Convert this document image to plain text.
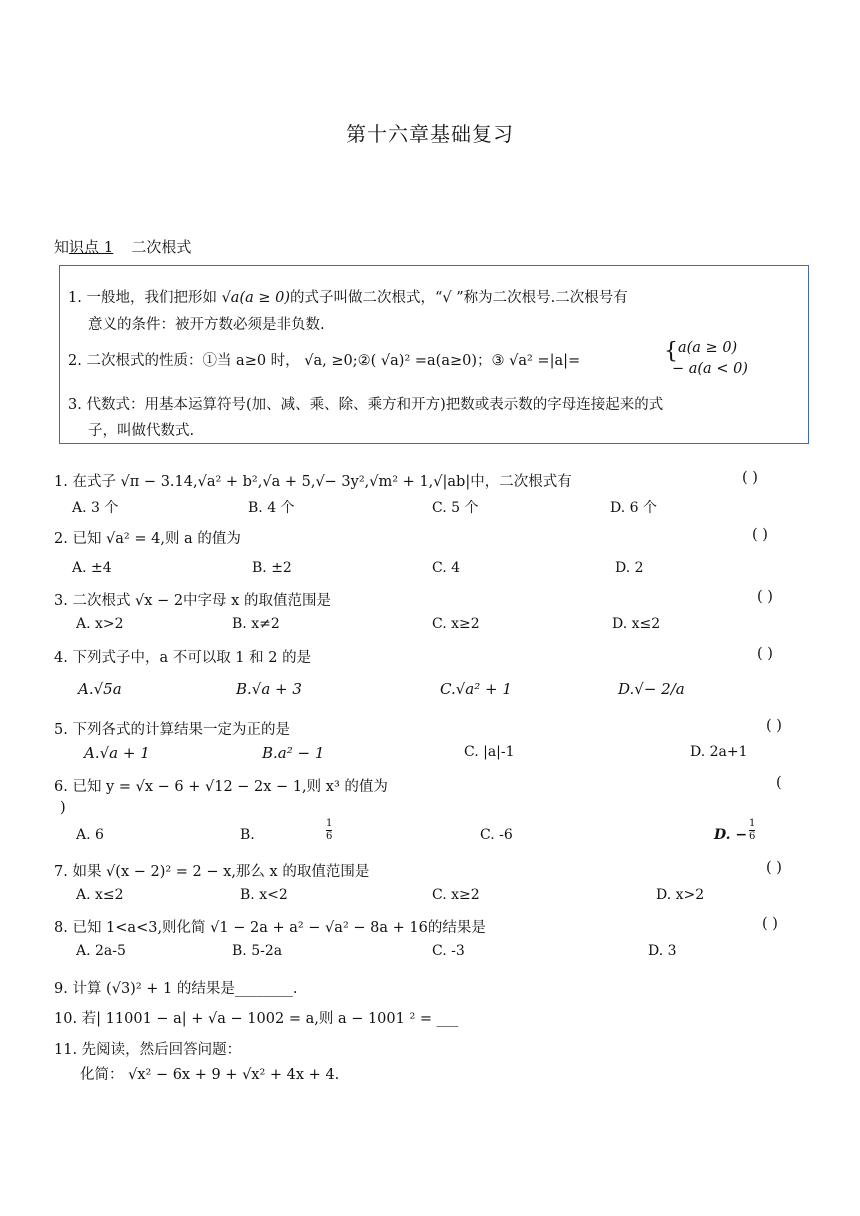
第十六章基础复习
知识点 1 二次根式
1. 一般地，我们把形如 √a(a ≥ 0)的式子叫做二次根式，“√ ”称为二次根号.二次根号有
意义的条件：被开方数必须是非负数.
2. 二次根式的性质：①当 a≥0 时， √a, ≥0;②( √a)² =a(a≥0)；③ √a² =|a|=	{ a(a ≥ 0)
− a(a < 0)
3. 代数式：用基本运算符号(加、减、乘、除、乘方和开方)把数或表示数的字母连接起来的式
子，叫做代数式.
1. 在式子 √π − 3.14,√a² + b²,√a + 5,√− 3y²,√m² + 1,√|ab|中，二次根式有	( )
A. 3 个	B. 4 个	C. 5 个	D. 6 个
2. 已知 √a² = 4,则 a 的值为	( )
A. ±4	B. ±2	C. 4	D. 2
3. 二次根式 √x − 2中字母 x 的取值范围是	( )
A. x>2	B. x≠2	C. x≥2	D. x≤2
4. 下列式子中，a 不可以取 1 和 2 的是	( )
A.√5a	B.√a + 3	C.√a² + 1	D.√− 2/a
5. 下列各式的计算结果一定为正的是	( )
A.√a + 1	B.a² − 1	C. |a|-1	D. 2a+1
6. 已知 y = √x − 6 + √12 − 2x − 1,则 x³ 的值为	(
)
A. 6	B.	$\frac{1}{6}$	C. -6	D. − $\frac{1}{6}$
7. 如果 √(x − 2)² = 2 − x,那么 x 的取值范围是	( )
A. x≤2	B. x<2	C. x≥2	D. x>2
8. 已知 1<a<3,则化简 √1 − 2a + a² − √a² − 8a + 16的结果是	( )
A. 2a-5	B. 5-2a	C. -3	D. 3
9. 计算 (√3)² + 1 的结果是________.
10. 若| 11001 − a| + √a − 1002 = a,则 a − 1001 ² = ___
11. 先阅读，然后回答问题：
化简： √x² − 6x + 9 + √x² + 4x + 4.
